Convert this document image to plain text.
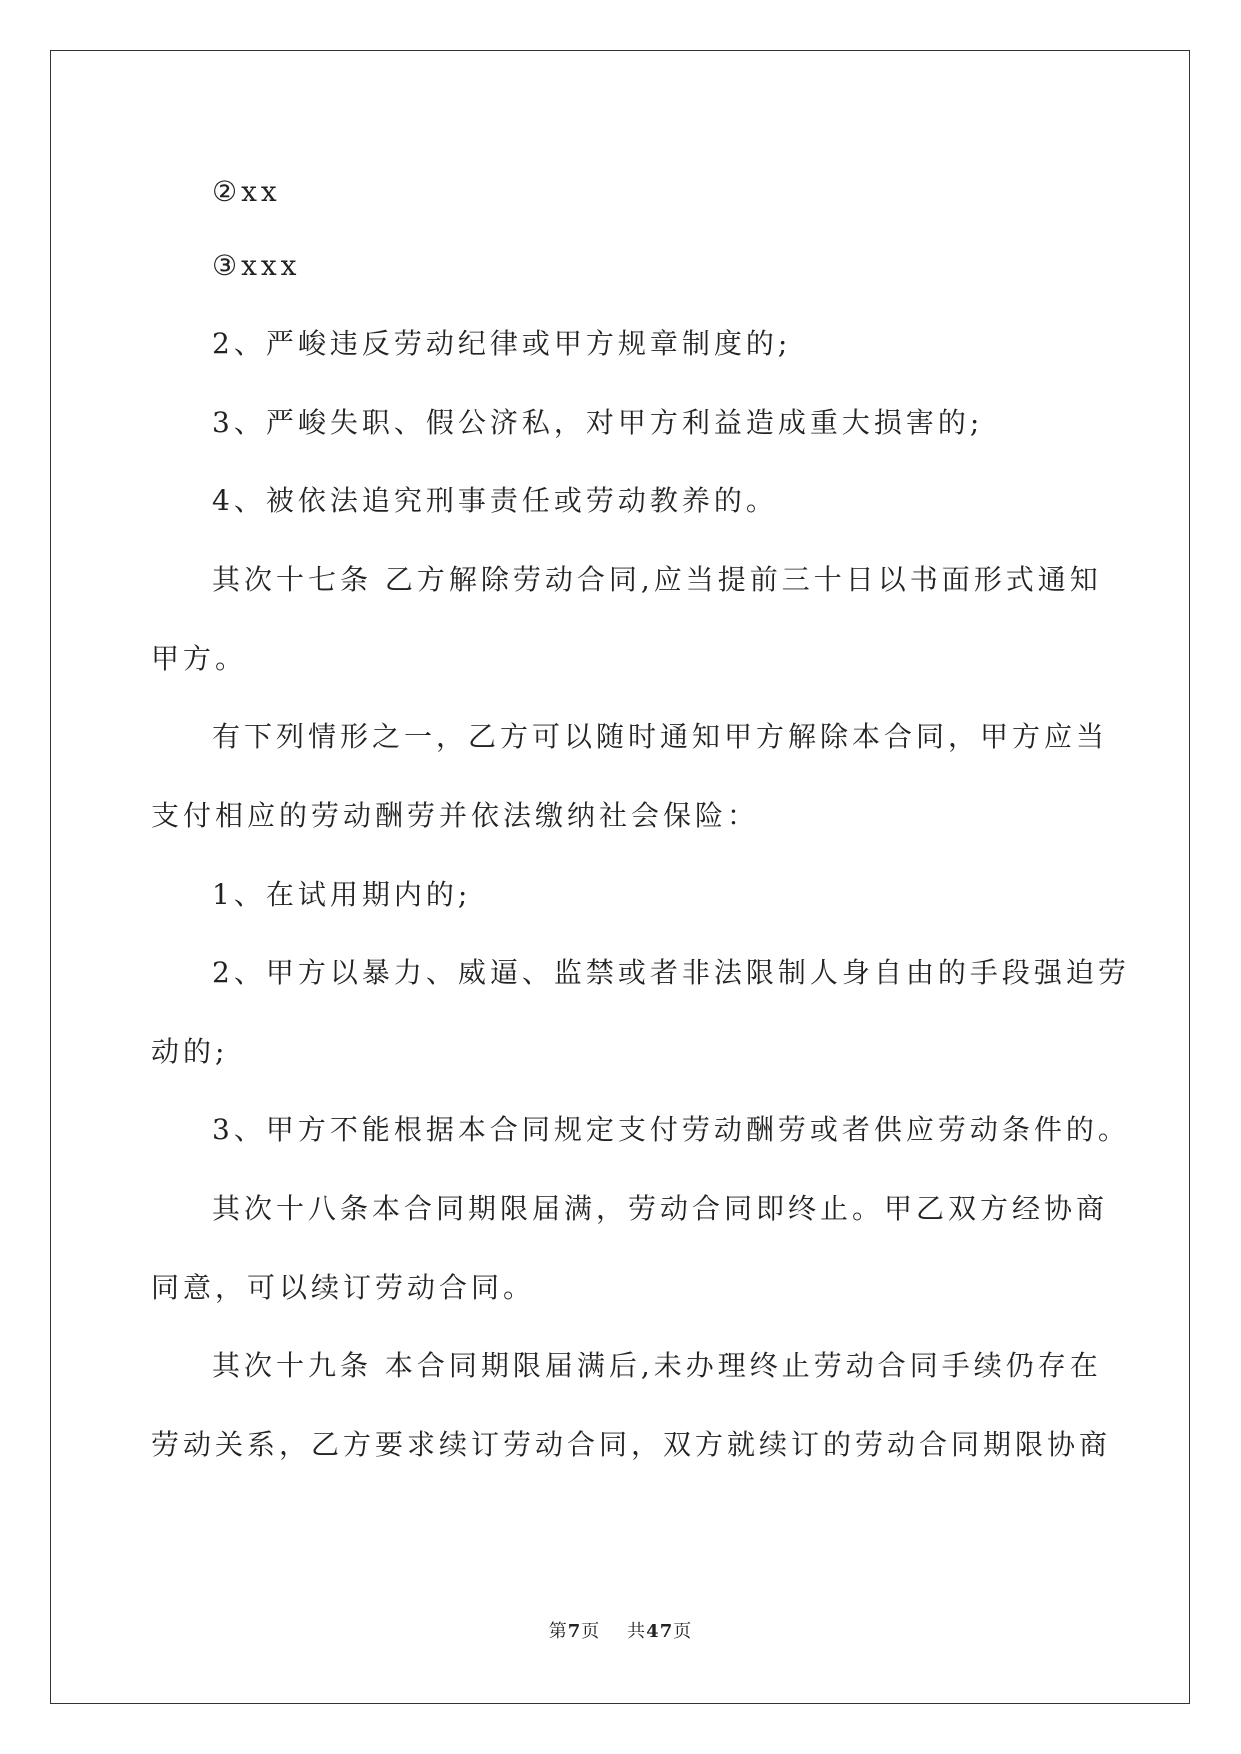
②xx
③xxx
2、严峻违反劳动纪律或甲方规章制度的;
3、严峻失职、假公济私，对甲方利益造成重大损害的;
4、被依法追究刑事责任或劳动教养的。
其次十七条 乙方解除劳动合同,应当提前三十日以书面形式通知
甲方。
有下列情形之一，乙方可以随时通知甲方解除本合同，甲方应当
支付相应的劳动酬劳并依法缴纳社会保险：
1、在试用期内的;
2、甲方以暴力、威逼、监禁或者非法限制人身自由的手段强迫劳
动的;
3、甲方不能根据本合同规定支付劳动酬劳或者供应劳动条件的。
其次十八条本合同期限届满，劳动合同即终止。甲乙双方经协商
同意，可以续订劳动合同。
其次十九条 本合同期限届满后,未办理终止劳动合同手续仍存在
劳动关系，乙方要求续订劳动合同，双方就续订的劳动合同期限协商
第7页 共47页
